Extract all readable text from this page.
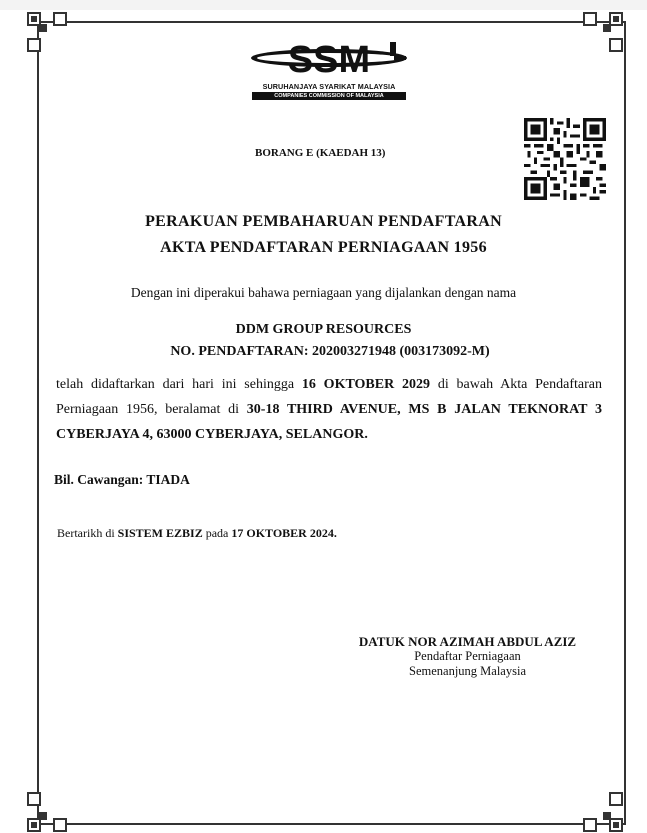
SSM
SURUHANJAYA SYARIKAT MALAYSIA
COMPANIES COMMISSION OF MALAYSIA
BORANG E (KAEDAH 13)
PERAKUAN PEMBAHARUAN PENDAFTARAN
AKTA PENDAFTARAN PERNIAGAAN 1956
Dengan ini diperakui bahawa perniagaan yang dijalankan dengan nama
DDM GROUP RESOURCES
NO. PENDAFTARAN: 202003271948 (003173092-M)
telah didaftarkan dari hari ini sehingga 16 OKTOBER 2029 di bawah Akta Pendaftaran Perniagaan 1956, beralamat di 30-18 THIRD AVENUE, MS B JALAN TEKNORAT 3 CYBERJAYA 4, 63000 CYBERJAYA, SELANGOR.
Bil. Cawangan: TIADA
Bertarikh di SISTEM EZBIZ pada 17 OKTOBER 2024.
DATUK NOR AZIMAH ABDUL AZIZ
Pendaftar Perniagaan
Semenanjung Malaysia
